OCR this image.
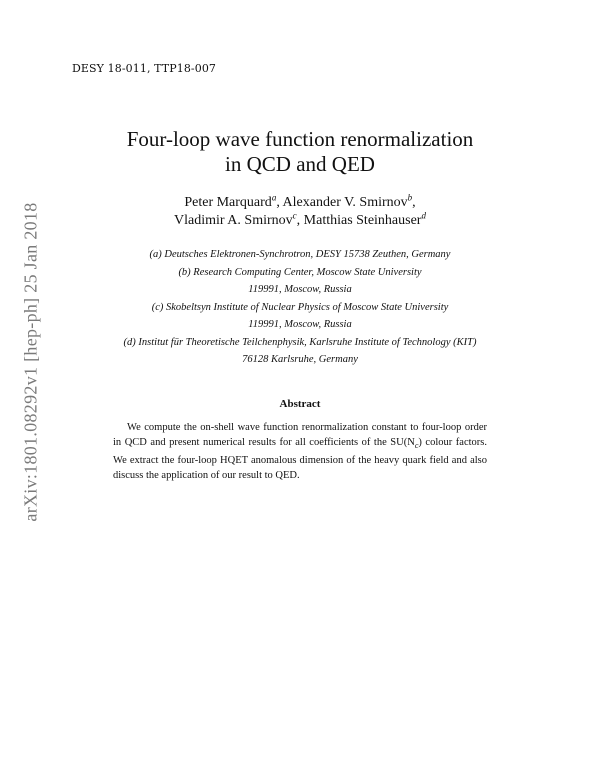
DESY 18-011, TTP18-007
arXiv:1801.08292v1 [hep-ph] 25 Jan 2018
Four-loop wave function renormalization
in QCD and QED
Peter Marquard$^a$, Alexander V. Smirnov$^b$,
Vladimir A. Smirnov$^c$, Matthias Steinhauser$^d$
(a) Deutsches Elektronen-Synchrotron, DESY 15738 Zeuthen, Germany
(b) Research Computing Center, Moscow State University
119991, Moscow, Russia
(c) Skobeltsyn Institute of Nuclear Physics of Moscow State University
119991, Moscow, Russia
(d) Institut für Theoretische Teilchenphysik, Karlsruhe Institute of Technology (KIT)
76128 Karlsruhe, Germany
Abstract

We compute the on-shell wave function renormalization constant to four-loop order in QCD and present numerical results for all coefficients of the $SU(N_c)$ colour factors. We extract the four-loop HQET anomalous dimension of the heavy quark field and also discuss the application of our result to QED.
